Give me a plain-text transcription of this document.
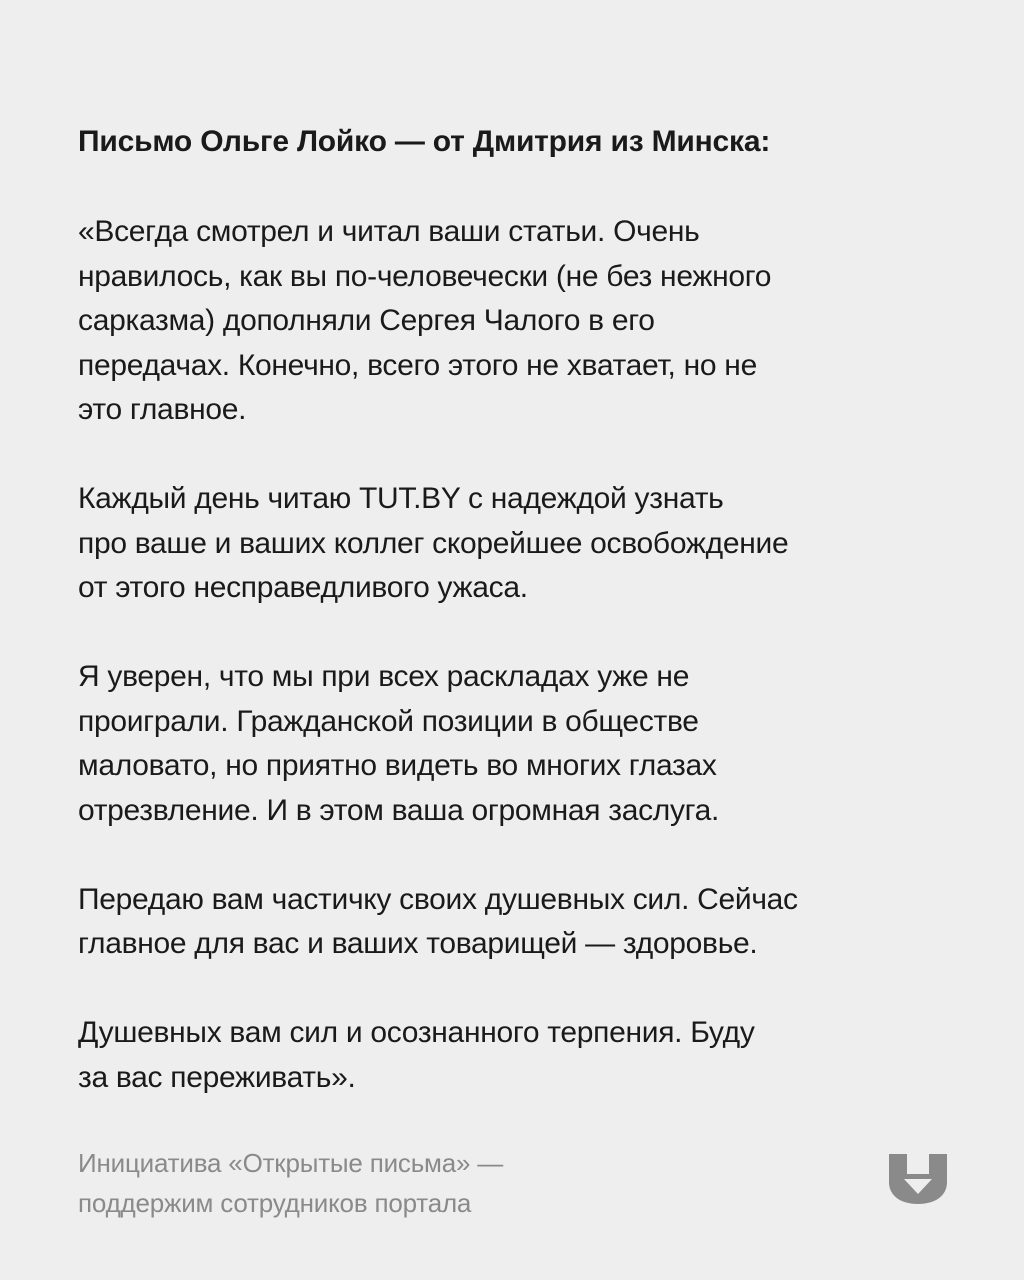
Письмо Ольге Лойко — от Дмитрия из Минска:

«Всегда смотрел и читал ваши статьи. Очень
нравилось, как вы по-человечески (не без нежного
сарказма) дополняли Сергея Чалого в его
передачах. Конечно, всего этого не хватает, но не
это главное.

Каждый день читаю TUT.BY с надеждой узнать
про ваше и ваших коллег скорейшее освобождение
от этого несправедливого ужаса.

Я уверен, что мы при всех раскладах уже не
проиграли. Гражданской позиции в обществе
маловато, но приятно видеть во многих глазах
отрезвление. И в этом ваша огромная заслуга.

Передаю вам частичку своих душевных сил. Сейчас
главное для вас и ваших товарищей — здоровье.

Душевных вам сил и осознанного терпения. Буду
за вас переживать».

Инициатива «Открытые письма» —
поддержим сотрудников портала
